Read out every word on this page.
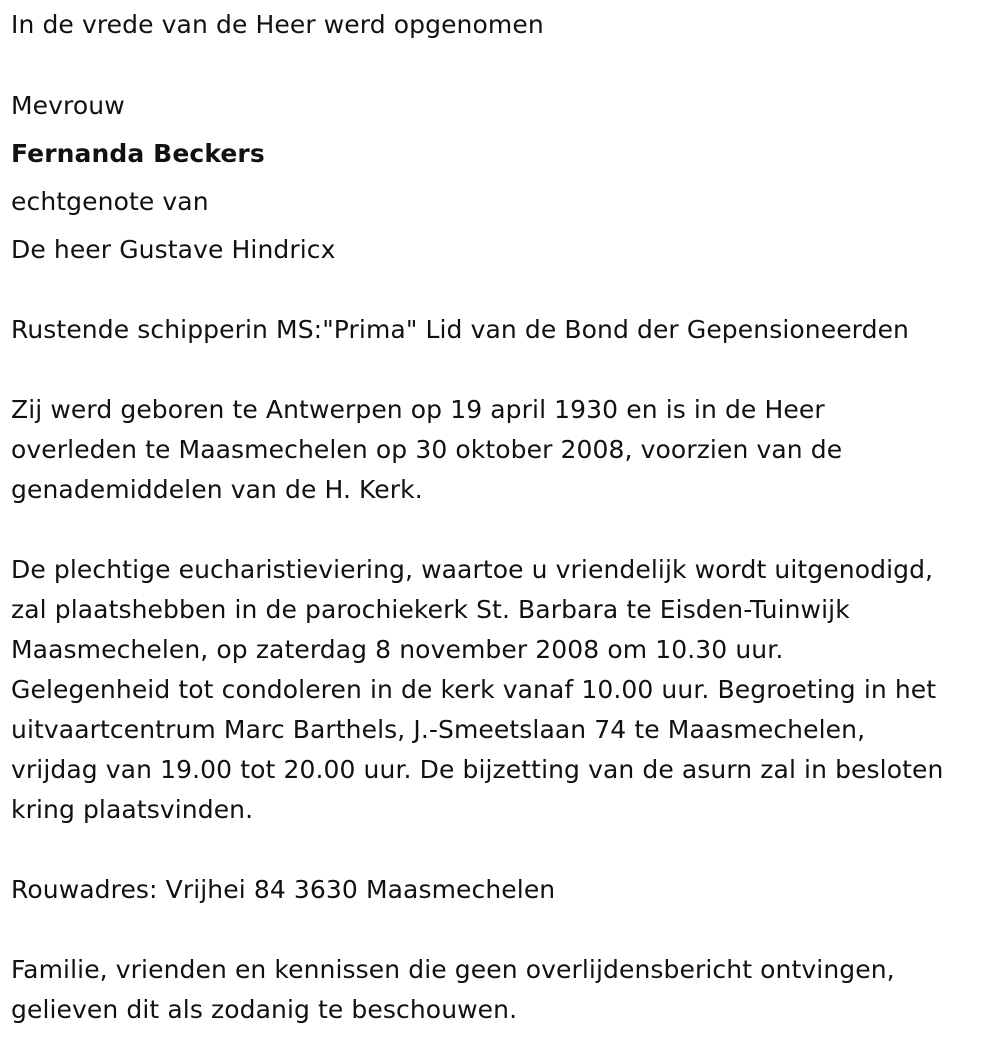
In de vrede van de Heer werd opgenomen
Mevrouw
Fernanda Beckers
echtgenote van
De heer Gustave Hindricx
Rustende schipperin MS:"Prima" Lid van de Bond der Gepensioneerden
Zij werd geboren te Antwerpen op 19 april 1930 en is in de Heer
overleden te Maasmechelen op 30 oktober 2008, voorzien van de
genademiddelen van de H. Kerk.
De plechtige eucharistieviering, waartoe u vriendelijk wordt uitgenodigd,
zal plaatshebben in de parochiekerk St. Barbara te Eisden-Tuinwijk
Maasmechelen, op zaterdag 8 november 2008 om 10.30 uur.
Gelegenheid tot condoleren in de kerk vanaf 10.00 uur. Begroeting in het
uitvaartcentrum Marc Barthels, J.-Smeetslaan 74 te Maasmechelen,
vrijdag van 19.00 tot 20.00 uur. De bijzetting van de asurn zal in besloten
kring plaatsvinden.
Rouwadres: Vrijhei 84 3630 Maasmechelen
Familie, vrienden en kennissen die geen overlijdensbericht ontvingen,
gelieven dit als zodanig te beschouwen.
